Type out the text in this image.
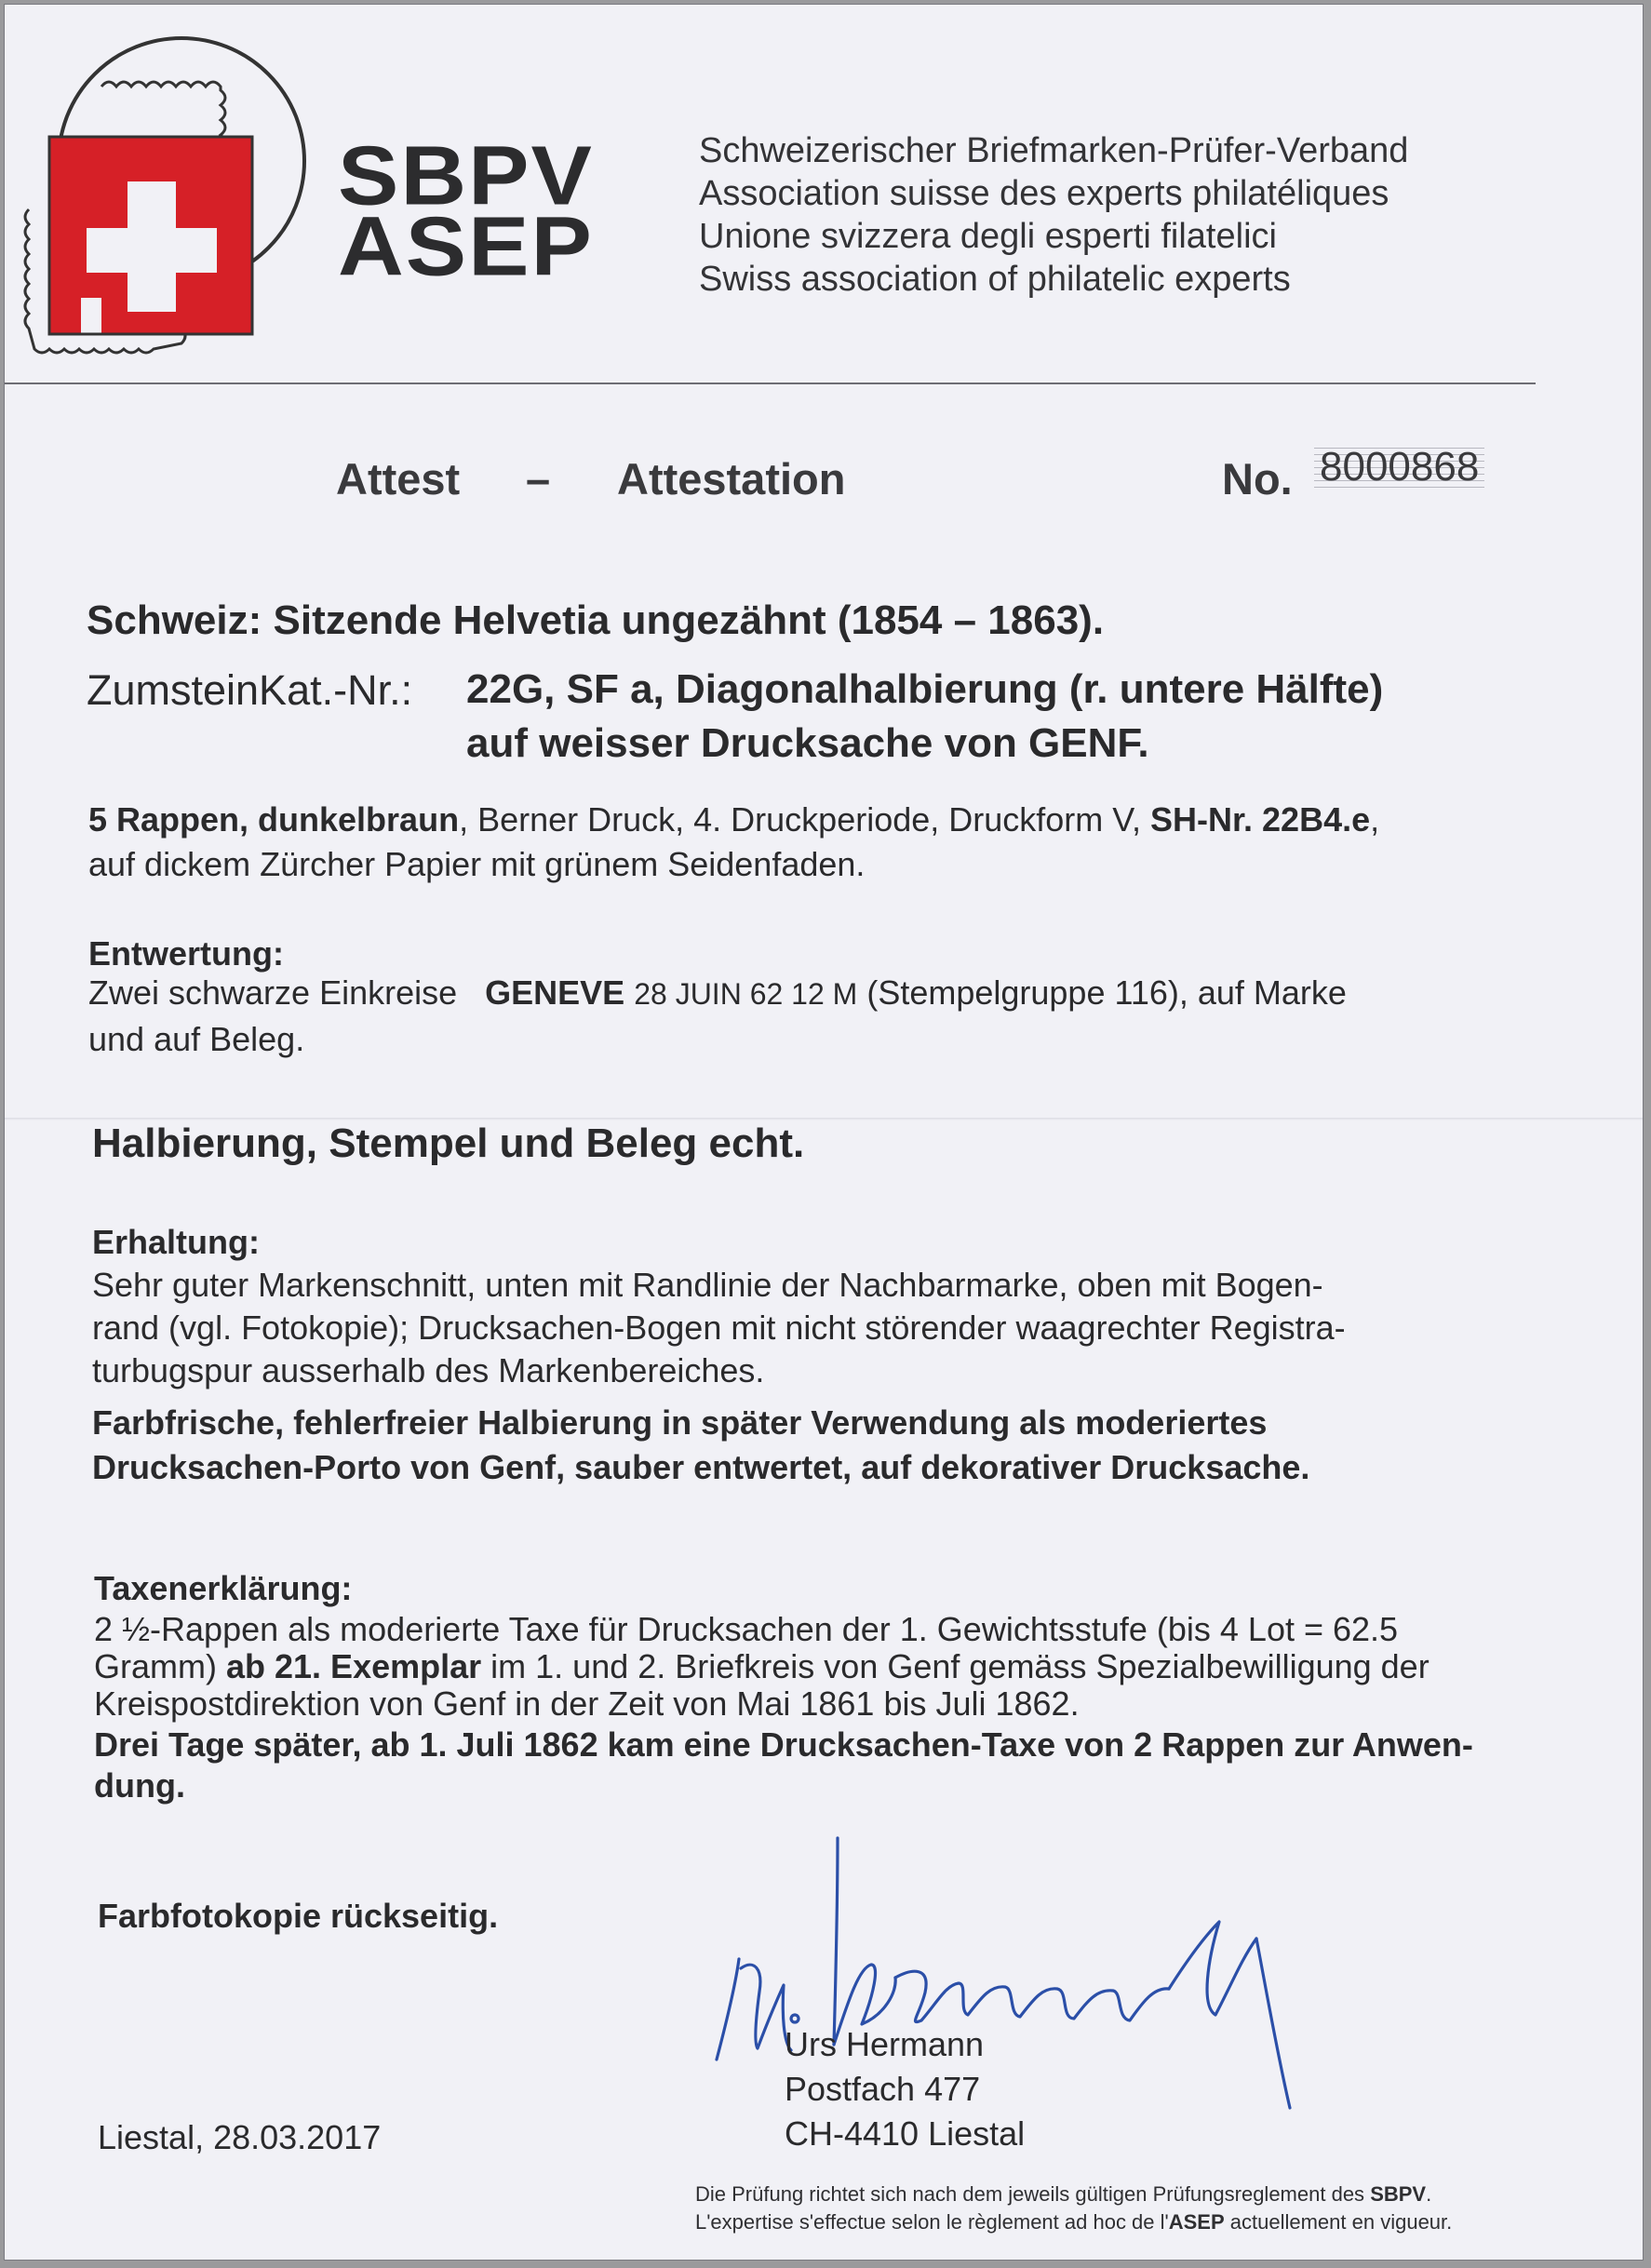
SBPV
ASEP
Schweizerischer Briefmarken-Prüfer-Verband
Association suisse des experts philatéliques
Unione svizzera degli esperti filatelici
Swiss association of philatelic experts
Attest – Attestation	No. 8000868
Schweiz: Sitzende Helvetia ungezähnt (1854 – 1863).
ZumsteinKat.-Nr.: 22G, SF a, Diagonalhalbierung (r. untere Hälfte)
auf weisser Drucksache von GENF.
5 Rappen, dunkelbraun, Berner Druck, 4. Druckperiode, Druckform V, SH-Nr. 22B4.e,
auf dickem Zürcher Papier mit grünem Seidenfaden.
Entwertung:
Zwei schwarze Einkreise GENEVE 28 JUIN 62 12 M (Stempelgruppe 116), auf Marke
und auf Beleg.
Halbierung, Stempel und Beleg echt.
Erhaltung:
Sehr guter Markenschnitt, unten mit Randlinie der Nachbarmarke, oben mit Bogen-
rand (vgl. Fotokopie); Drucksachen-Bogen mit nicht störender waagrechter Registra-
turbugspur ausserhalb des Markenbereiches.
Farbfrische, fehlerfreier Halbierung in später Verwendung als moderiertes
Drucksachen-Porto von Genf, sauber entwertet, auf dekorativer Drucksache.
Taxenerklärung:
2 ½-Rappen als moderierte Taxe für Drucksachen der 1. Gewichtsstufe (bis 4 Lot = 62.5
Gramm) ab 21. Exemplar im 1. und 2. Briefkreis von Genf gemäss Spezialbewilligung der
Kreispostdirektion von Genf in der Zeit von Mai 1861 bis Juli 1862.
Drei Tage später, ab 1. Juli 1862 kam eine Drucksachen-Taxe von 2 Rappen zur Anwen-
dung.
Farbfotokopie rückseitig.
Urs Hermann
Postfach 477
CH-4410 Liestal
Liestal, 28.03.2017
Die Prüfung richtet sich nach dem jeweils gültigen Prüfungsreglement des SBPV.
L'expertise s'effectue selon le règlement ad hoc de l'ASEP actuellement en vigueur.
